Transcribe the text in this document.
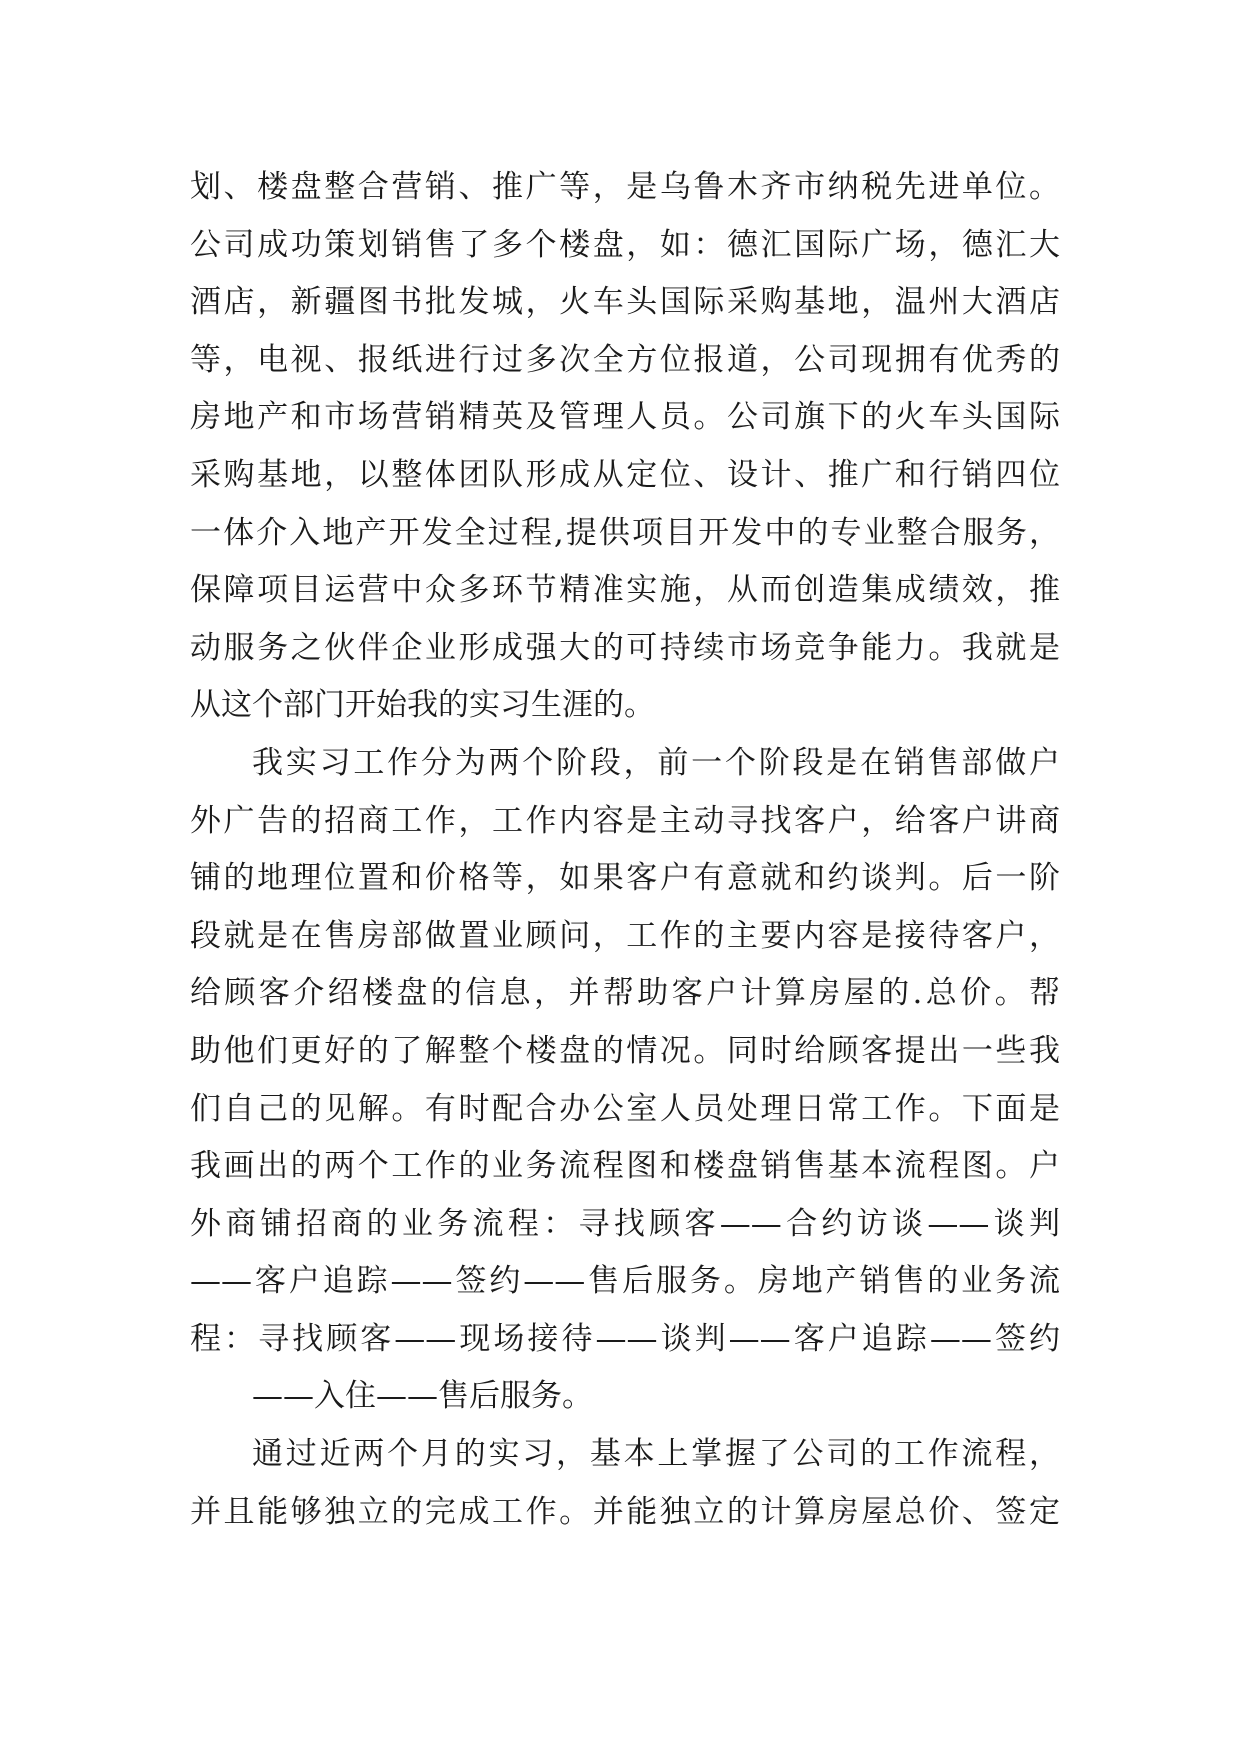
划、楼盘整合营销、推广等，是乌鲁木齐市纳税先进单位。
公司成功策划销售了多个楼盘，如：德汇国际广场，德汇大
酒店，新疆图书批发城，火车头国际采购基地，温州大酒店
等，电视、报纸进行过多次全方位报道，公司现拥有优秀的
房地产和市场营销精英及管理人员。公司旗下的火车头国际
采购基地，以整体团队形成从定位、设计、推广和行销四位
一体介入地产开发全过程,提供项目开发中的专业整合服务，
保障项目运营中众多环节精准实施，从而创造集成绩效，推
动服务之伙伴企业形成强大的可持续市场竞争能力。我就是
从这个部门开始我的实习生涯的。
我实习工作分为两个阶段，前一个阶段是在销售部做户
外广告的招商工作，工作内容是主动寻找客户，给客户讲商
铺的地理位置和价格等，如果客户有意就和约谈判。后一阶
段就是在售房部做置业顾问，工作的主要内容是接待客户，
给顾客介绍楼盘的信息，并帮助客户计算房屋的.总价。帮
助他们更好的了解整个楼盘的情况。同时给顾客提出一些我
们自己的见解。有时配合办公室人员处理日常工作。下面是
我画出的两个工作的业务流程图和楼盘销售基本流程图。户
外商铺招商的业务流程：寻找顾客——合约访谈——谈判
——客户追踪——签约——售后服务。房地产销售的业务流
程：寻找顾客——现场接待——谈判——客户追踪——签约
——入住——售后服务。
通过近两个月的实习，基本上掌握了公司的工作流程，
并且能够独立的完成工作。并能独立的计算房屋总价、签定
